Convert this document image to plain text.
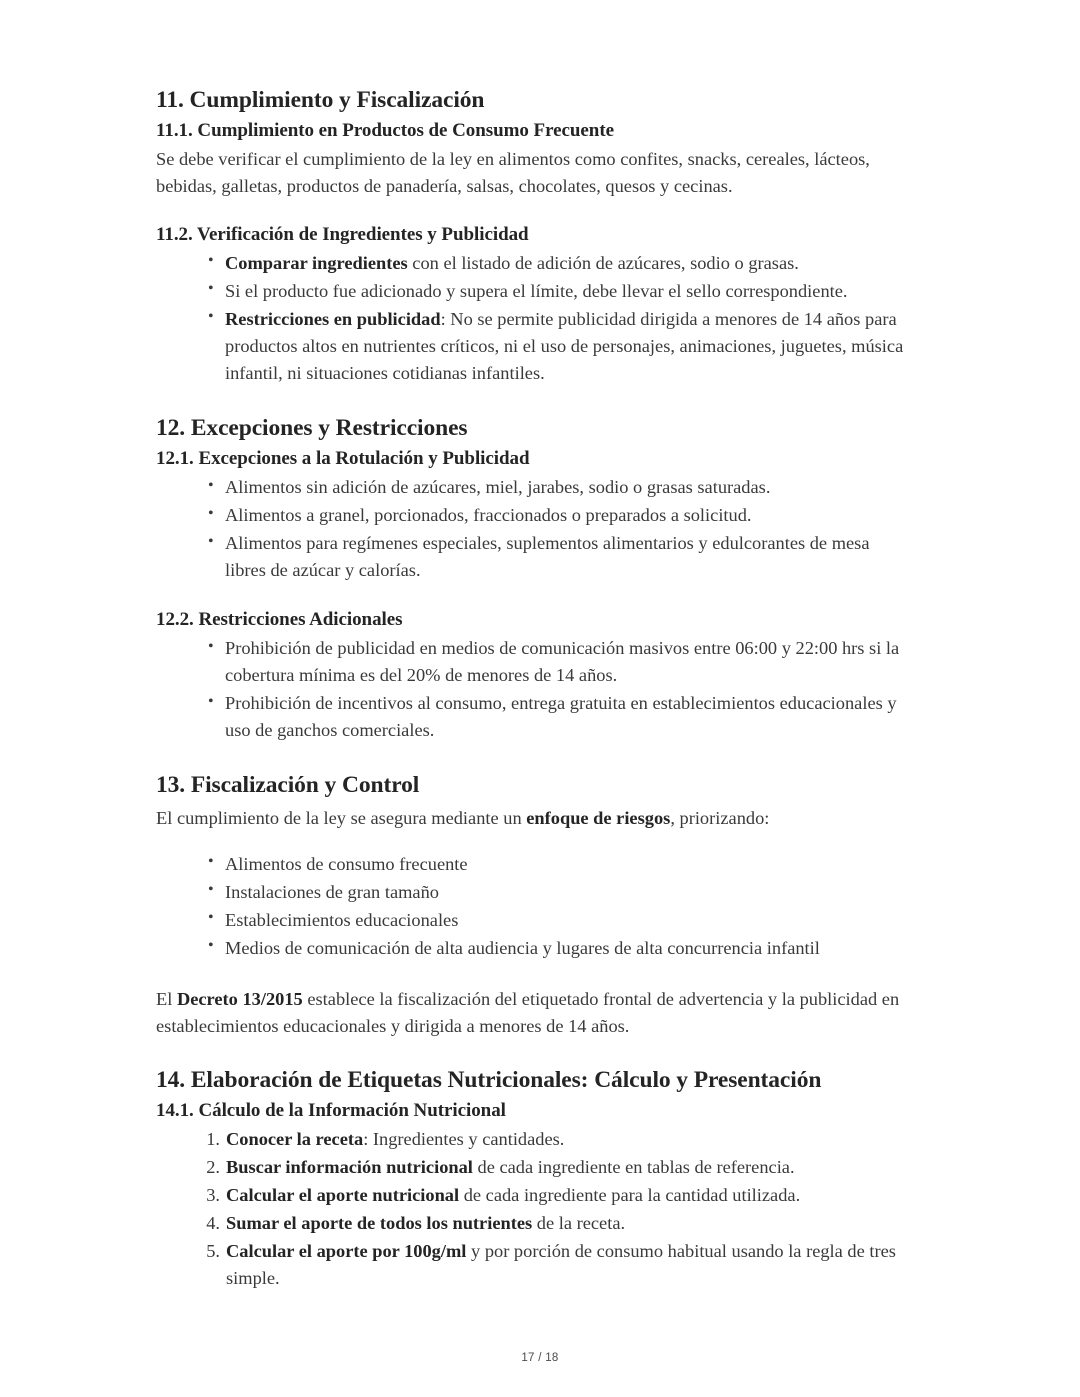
11. Cumplimiento y Fiscalización
11.1. Cumplimiento en Productos de Consumo Frecuente

Se debe verificar el cumplimiento de la ley en alimentos como confites, snacks, cereales, lácteos, bebidas, galletas, productos de panadería, salsas, chocolates, quesos y cecinas.

11.2. Verificación de Ingredientes y Publicidad
• Comparar ingredientes con el listado de adición de azúcares, sodio o grasas.
• Si el producto fue adicionado y supera el límite, debe llevar el sello correspondiente.
• Restricciones en publicidad: No se permite publicidad dirigida a menores de 14 años para productos altos en nutrientes críticos, ni el uso de personajes, animaciones, juguetes, música infantil, ni situaciones cotidianas infantiles.
12. Excepciones y Restricciones
12.1. Excepciones a la Rotulación y Publicidad
• Alimentos sin adición de azúcares, miel, jarabes, sodio o grasas saturadas.
• Alimentos a granel, porcionados, fraccionados o preparados a solicitud.
• Alimentos para regímenes especiales, suplementos alimentarios y edulcorantes de mesa libres de azúcar y calorías.
12.2. Restricciones Adicionales
• Prohibición de publicidad en medios de comunicación masivos entre 06:00 y 22:00 hrs si la cobertura mínima es del 20% de menores de 14 años.
• Prohibición de incentivos al consumo, entrega gratuita en establecimientos educacionales y uso de ganchos comerciales.
13. Fiscalización y Control

El cumplimiento de la ley se asegura mediante un enfoque de riesgos, priorizando:

• Alimentos de consumo frecuente
• Instalaciones de gran tamaño
• Establecimientos educacionales
• Medios de comunicación de alta audiencia y lugares de alta concurrencia infantil

El Decreto 13/2015 establece la fiscalización del etiquetado frontal de advertencia y la publicidad en establecimientos educacionales y dirigida a menores de 14 años.

14. Elaboración de Etiquetas Nutricionales: Cálculo y Presentación
14.1. Cálculo de la Información Nutricional
Conocer la receta: Ingredientes y cantidades.
Buscar información nutricional de cada ingrediente en tablas de referencia.
Calcular el aporte nutricional de cada ingrediente para la cantidad utilizada.
Sumar el aporte de todos los nutrientes de la receta.
Calcular el aporte por 100g/ml y por porción de consumo habitual usando la regla de tres simple.
17 / 18
